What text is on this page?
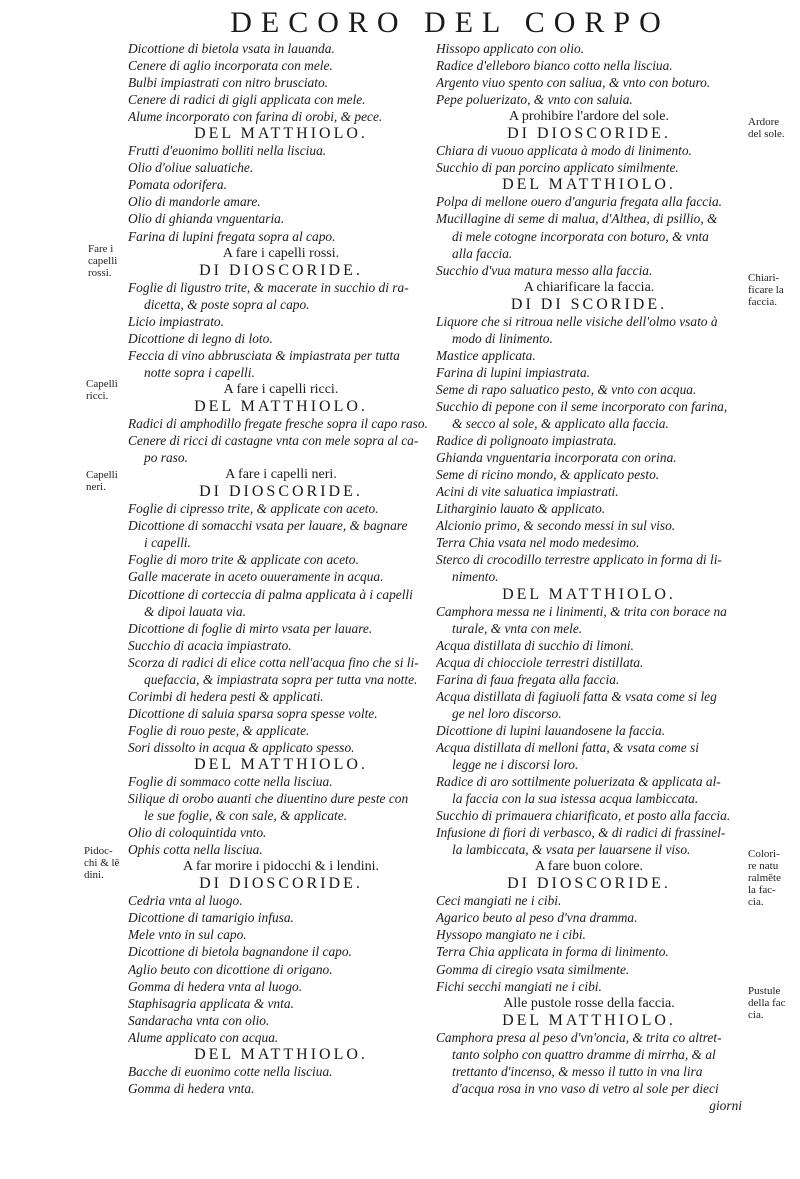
DECORO DEL CORPO
Dicottione di bietola vsata in lauanda.
Cenere di aglio incorporata con mele.
Bulbi impiastrati con nitro brusciato.
Cenere di radici di gigli applicata con mele.
Alume incorporato con farina di orobi, & pece.
DEL MATTHIOLO.
Frutti d'euonimo bolliti nella lisciua.
Olio d'oliue saluatiche.
Pomata odorifera.
Olio di mandorle amare.
Olio di ghianda vnguentaria.
Farina di lupini fregata sopra al capo.
A fare i capelli rossi.
DI DIOSCORIDE.
Foglie di ligustro trite, & macerate in succhio di ra-
dicetta, & poste sopra al capo.
Licio impiastrato.
Dicottione di legno di loto.
Feccia di vino abbrusciata & impiastrata per tutta
notte sopra i capelli.
A fare i capelli ricci.
DEL MATTHIOLO.
Radici di amphodillo fregate fresche sopra il capo raso.
Cenere di ricci di castagne vnta con mele sopra al ca-
po raso.
A fare i capelli neri.
DI DIOSCORIDE.
Foglie di cipresso trite, & applicate con aceto.
Dicottione di somacchi vsata per lauare, & bagnare
i capelli.
Foglie di moro trite & applicate con aceto.
Galle macerate in aceto ouueramente in acqua.
Dicottione di corteccia di palma applicata à i capelli
& dipoi lauata via.
Dicottione di foglie di mirto vsata per lauare.
Succhio di acacia impiastrato.
Scorza di radici di elice cotta nell'acqua fino che si li-
quefaccia, & impiastrata sopra per tutta vna notte.
Corimbi di hedera pesti & applicati.
Dicottione di saluia sparsa sopra spesse volte.
Foglie di rouo peste, & applicate.
Sori dissolto in acqua & applicato spesso.
DEL MATTHIOLO.
Foglie di sommaco cotte nella lisciua.
Silique di orobo auanti che diuentino dure peste con
le sue foglie, & con sale, & applicate.
Olio di coloquintida vnto.
Ophis cotta nella lisciua.
A far morire i pidocchi & i lendini.
DI DIOSCORIDE.
Cedria vnta al luogo.
Dicottione di tamarigio infusa.
Mele vnto in sul capo.
Dicottione di bietola bagnandone il capo.
Aglio beuto con dicottione di origano.
Gomma di hedera vnta al luogo.
Staphisagria applicata & vnta.
Sandaracha vnta con olio.
Alume applicato con acqua.
DEL MATTHIOLO.
Bacche di euonimo cotte nella lisciua.
Gomma di hedera vnta.
Hissopo applicato con olio.
Radice d'elleboro bianco cotto nella lisciua.
Argento viuo spento con saliua, & vnto con boturo.
Pepe poluerizato, & vnto con saluia.
A prohibire l'ardore del sole.
DI DIOSCORIDE.
Chiara di vuouo applicata à modo di linimento.
Succhio di pan porcino applicato similmente.
DEL MATTHIOLO.
Polpa di mellone ouero d'anguria fregata alla faccia.
Mucillagine di seme di malua, d'Althea, di psillio, &
di mele cotogne incorporata con boturo, & vnta
alla faccia.
Succhio d'vua matura messo alla faccia.
A chiarificare la faccia.
DI DI SCORIDE.
Liquore che si ritroua nelle visiche dell'olmo vsato à
modo di linimento.
Mastice applicata.
Farina di lupini impiastrata.
Seme di rapo saluatico pesto, & vnto con acqua.
Succhio di pepone con il seme incorporato con farina,
& secco al sole, & applicato alla faccia.
Radice di polignoato impiastrata.
Ghianda vnguentaria incorporata con orina.
Seme di ricino mondo, & applicato pesto.
Acini di vite saluatica impiastrati.
Litharginio lauato & applicato.
Alcionio primo, & secondo messi in sul viso.
Terra Chia vsata nel modo medesimo.
Sterco di crocodillo terrestre applicato in forma di li-
nimento.
DEL MATTHIOLO.
Camphora messa ne i linimenti, & trita con borace na
turale, & vnta con mele.
Acqua distillata di succhio di limoni.
Acqua di chiocciole terrestri distillata.
Farina di faua fregata alla faccia.
Acqua distillata di fagiuoli fatta & vsata come si leg
ge nel loro discorso.
Dicottione di lupini lauandosene la faccia.
Acqua distillata di melloni fatta, & vsata come si
legge ne i discorsi loro.
Radice di aro sottilmente poluerizata & applicata al-
la faccia con la sua istessa acqua lambiccata.
Succhio di primauera chiarificato, et posto alla faccia.
Infusione di fiori di verbasco, & di radici di frassinel-
la lambiccata, & vsata per lauarsene il viso.
A fare buon colore.
DI DIOSCORIDE.
Ceci mangiati ne i cibi.
Agarico beuto al peso d'vna dramma.
Hyssopo mangiato ne i cibi.
Terra Chia applicata in forma di linimento.
Gomma di ciregio vsata similmente.
Fichi secchi mangiati ne i cibi.
Alle pustole rosse della faccia.
DEL MATTHIOLO.
Camphora presa al peso d'vn'oncia, & trita co altret-
tanto solpho con quattro dramme di mirrha, & al
trettanto d'incenso, & messo il tutto in vna lira
d'acqua rosa in vno vaso di vetro al sole per dieci
giorni
Fare i
capelli
rossi.
Capelli
ricci.
Capelli
neri.
Pidoc-
chi & lē
dini.
Ardore
del sole.
Chiari-
ficare la
faccia.
Colori-
re natu
ralmēte
la fac-
cia.
Pustule
della fac
cia.
